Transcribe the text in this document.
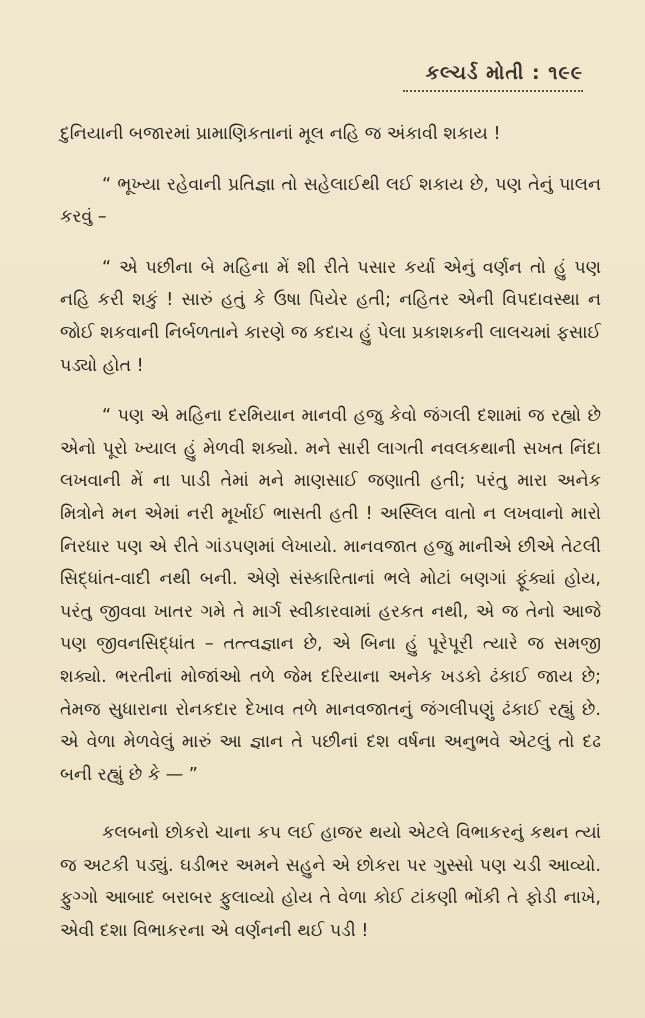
કલ્ચર્ડ મોતી : ૧૯૯

દુનિયાની બજારમાં પ્રામાણિકતાનાં મૂલ નહિ જ અંકાવી શકાય !

“ ભૂખ્યા રહેવાની પ્રતિજ્ઞા તો સહેલાઈથી લઈ શકાય છે, પણ તેનું પાલન કરવું –

“ એ પછીના બે મહિના મેં શી રીતે પસાર કર્યા એનું વર્ણન તો હું પણ નહિ કરી શકું ! સારું હતું કે ઉષા પિયેર હતી; નહિતર એની વિપદાવસ્થા ન જોઈ શકવાની નિર્બળતાને કારણે જ કદાચ હું પેલા પ્રકાશકની લાલચમાં ફસાઈ પડ્યો હોત !

“ પણ એ મહિના દરમિયાન માનવી હજુ કેવો જંગલી દશામાં જ રહ્યો છે એનો પૂરો ખ્યાલ હું મેળવી શક્યો. મને સારી લાગતી નવલકથાની સખત નિંદા લખવાની મેં ના પાડી તેમાં મને માણસાઈ જણાતી હતી; પરંતુ મારા અનેક મિત્રોને મન એમાં નરી મૂર્ખાઈ ભાસતી હતી ! અસ્લિલ વાતો ન લખવાનો મારો નિરધાર પણ એ રીતે ગાંડપણમાં લેખાયો. માનવજાત હજુ માનીએ છીએ તેટલી સિદ્ધાંત-વાદી નથી બની. એણે સંસ્કારિતાનાં ભલે મોટાં બણગાં ફૂંક્યાં હોય, પરંતુ જીવવા ખાતર ગમે તે માર્ગ સ્વીકારવામાં હરકત નથી, એ જ તેનો આજે પણ જીવનસિદ્ધાંત – તત્ત્વજ્ઞાન છે, એ બિના હું પૂરેપૂરી ત્યારે જ સમજી શક્યો. ભરતીનાં મોજાંઓ તળે જેમ દરિયાના અનેક ખડકો ઢંકાઈ જાય છે; તેમજ સુધારાના રોનકદાર દેખાવ તળે માનવજાતનું જંગલીપણું ઢંકાઈ રહ્યું છે. એ વેળા મેળવેલું મારું આ જ્ઞાન તે પછીનાં દશ વર્ષના અનુભવે એટલું તો દઢ બની રહ્યું છે કે — ”

કલબનો છોકરો ચાના કપ લઈ હાજર થયો એટલે વિભાકરનું કથન ત્યાં જ અટકી પડ્યું. ઘડીભર અમને સહુને એ છોકરા પર ગુસ્સો પણ ચડી આવ્યો. ફુગ્ગો આબાદ બરાબર ફુલાવ્યો હોય તે વેળા કોઈ ટાંકણી ભોંકી તે ફોડી નાખે, એવી દશા વિભાકરના એ વર્ણનની થઈ પડી !
